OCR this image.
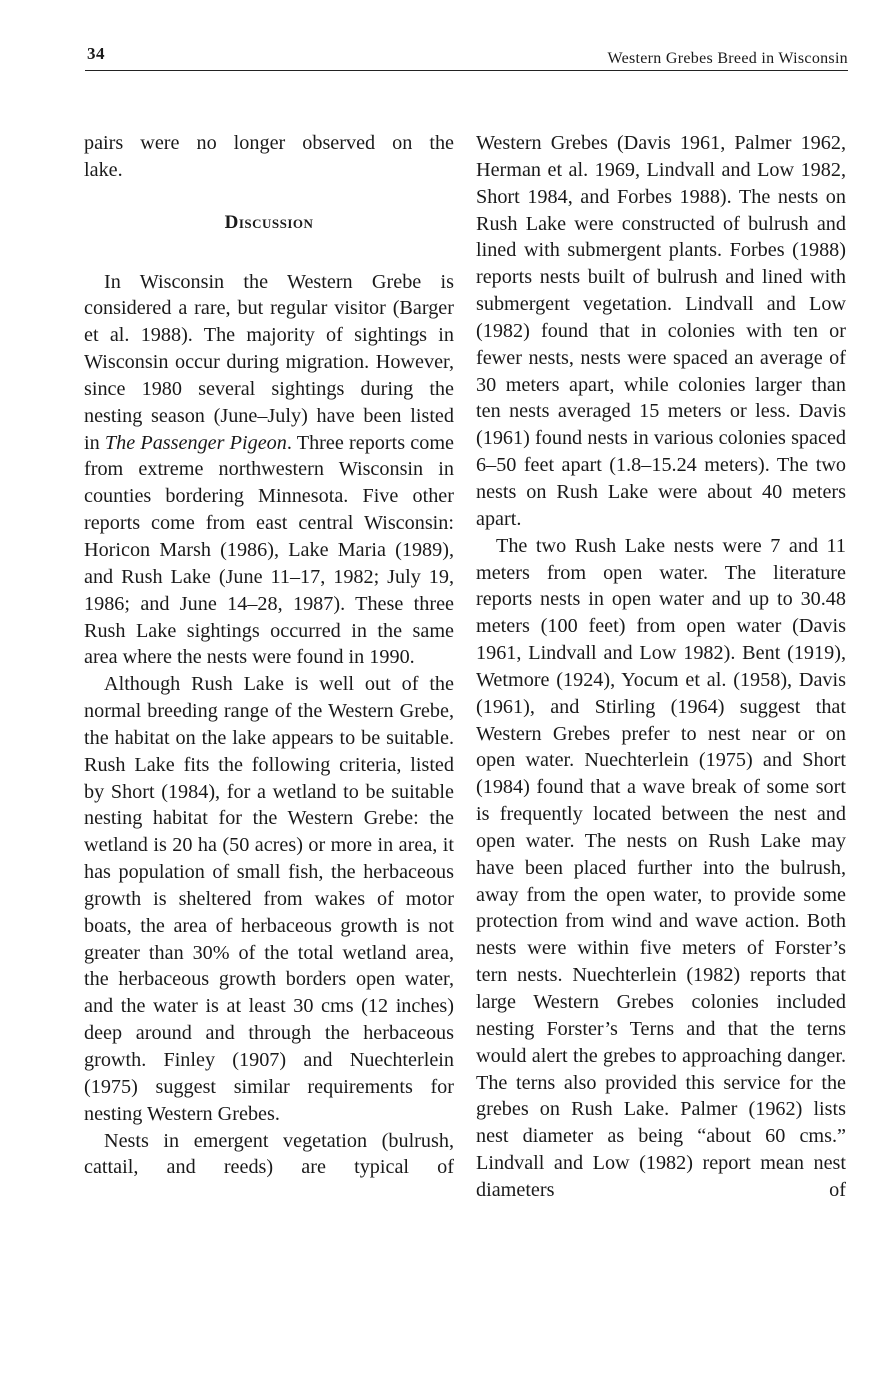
34	Western Grebes Breed in Wisconsin

pairs were no longer observed on the

lake.

Discussion

In Wisconsin the Western Grebe is considered a rare, but regular visitor (Barger et al. 1988). The majority of sightings in Wisconsin occur during migration. However, since 1980 several sightings during the nesting season (June–July) have been listed in The Passenger Pigeon. Three reports come from extreme northwestern Wisconsin in counties bordering Minnesota. Five other reports come from east central Wisconsin: Horicon Marsh (1986), Lake Maria (1989), and Rush Lake (June 11–17, 1982; July 19, 1986; and June 14–28, 1987). These three Rush Lake sightings occurred in the same area where the nests were found in 1990.

Although Rush Lake is well out of the normal breeding range of the Western Grebe, the habitat on the lake appears to be suitable. Rush Lake fits the following criteria, listed by Short (1984), for a wetland to be suitable nesting habitat for the Western Grebe: the wetland is 20 ha (50 acres) or more in area, it has population of small fish, the herbaceous growth is sheltered from wakes of motor boats, the area of herbaceous growth is not greater than 30% of the total wetland area, the herbaceous growth borders open water, and the water is at least 30 cms (12 inches) deep around and through the herbaceous growth. Finley (1907) and Nuechterlein (1975) suggest similar requirements for nesting Western Grebes.

Nests in emergent vegetation (bulrush, cattail, and reeds) are typical of

Western Grebes (Davis 1961, Palmer 1962, Herman et al. 1969, Lindvall and Low 1982, Short 1984, and Forbes 1988). The nests on Rush Lake were constructed of bulrush and lined with submergent plants. Forbes (1988) reports nests built of bulrush and lined with submergent vegetation. Lindvall and Low (1982) found that in colonies with ten or fewer nests, nests were spaced an average of 30 meters apart, while colonies larger than ten nests averaged 15 meters or less. Davis (1961) found nests in various colonies spaced 6–50 feet apart (1.8–15.24 meters). The two nests on Rush Lake were about 40 meters apart.

The two Rush Lake nests were 7 and 11 meters from open water. The literature reports nests in open water and up to 30.48 meters (100 feet) from open water (Davis 1961, Lindvall and Low 1982). Bent (1919), Wetmore (1924), Yocum et al. (1958), Davis (1961), and Stirling (1964) suggest that Western Grebes prefer to nest near or on open water. Nuechterlein (1975) and Short (1984) found that a wave break of some sort is frequently located between the nest and open water. The nests on Rush Lake may have been placed further into the bulrush, away from the open water, to provide some protection from wind and wave action. Both nests were within five meters of Forster’s tern nests. Nuechterlein (1982) reports that large Western Grebes colonies included nesting Forster’s Terns and that the terns would alert the grebes to approaching danger. The terns also provided this service for the grebes on Rush Lake. Palmer (1962) lists nest diameter as being “about 60 cms.” Lindvall and Low (1982) report mean nest diameters of
